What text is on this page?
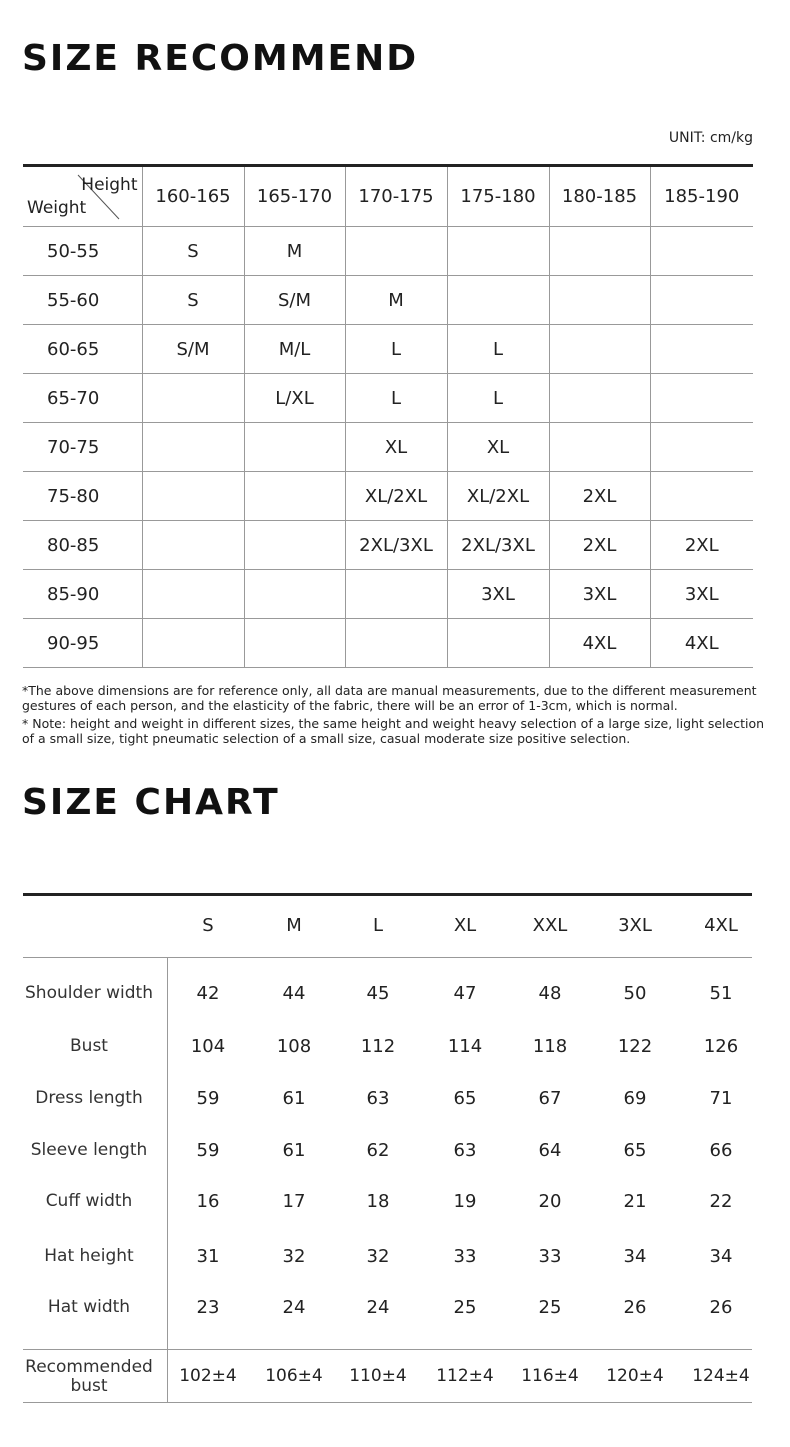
SIZE RECOMMEND
UNIT: cm/kg
Height
Weight	160-165	165-170	170-175	175-180	180-185	185-190
50-55	S	M				
55-60	S	S/M	M			
60-65	S/M	M/L	L	L		
65-70		L/XL	L	L		
70-75			XL	XL		
75-80			XL/2XL	XL/2XL	2XL	
80-85			2XL/3XL	2XL/3XL	2XL	2XL
85-90				3XL	3XL	3XL
90-95					4XL	4XL

*The above dimensions are for reference only, all data are manual measurements, due to the different measurement gestures of each person, and the elasticity of the fabric, there will be an error of 1-3cm, which is normal.

* Note: height and weight in different sizes, the same height and weight heavy selection of a large size, light selection of a small size, tight pneumatic selection of a small size, casual moderate size positive selection.

SIZE CHART
S	M	L	XL	XXL	3XL	4XL
Shoulder width	42	44	45	47	48	50	51
Bust	104	108	112	114	118	122	126
Dress length	59	61	63	65	67	69	71
Sleeve length	59	61	62	63	64	65	66
Cuff width	16	17	18	19	20	21	22
Hat height	31	32	32	33	33	34	34
Hat width	23	24	24	25	25	26	26
Recommended bust	102±4	106±4	110±4	112±4	116±4	120±4	124±4
